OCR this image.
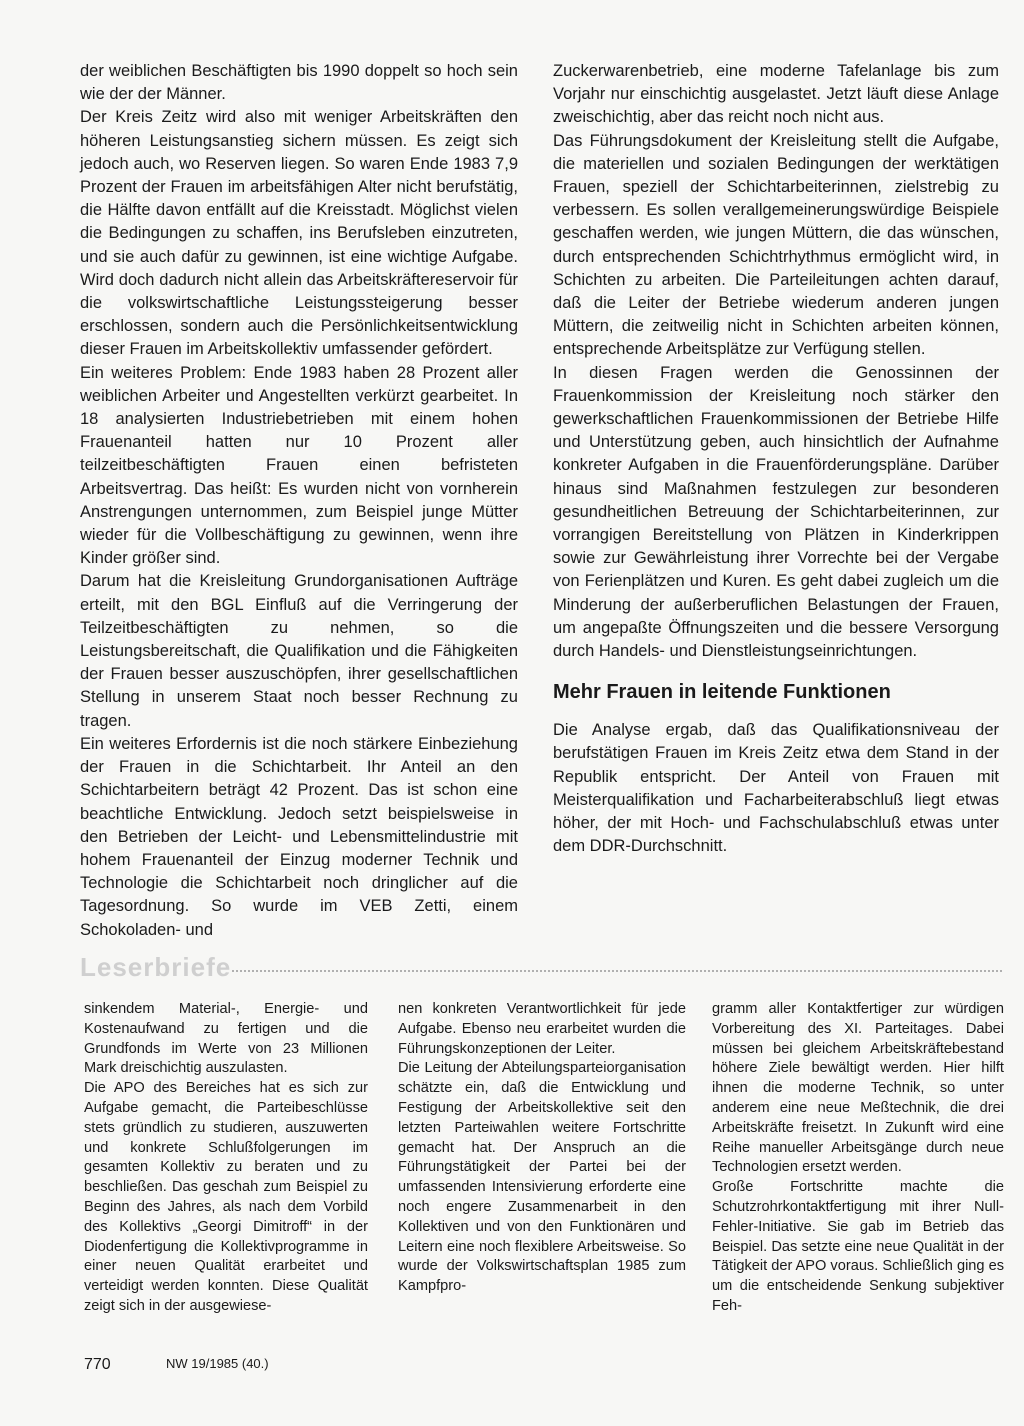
der weiblichen Beschäftigten bis 1990 doppelt so hoch sein wie der der Männer.

Der Kreis Zeitz wird also mit weniger Arbeitskräften den höheren Leistungsanstieg sichern müssen. Es zeigt sich jedoch auch, wo Reserven liegen. So waren Ende 1983 7,9 Prozent der Frauen im arbeitsfähigen Alter nicht berufstätig, die Hälfte davon entfällt auf die Kreisstadt. Möglichst vielen die Bedingungen zu schaffen, ins Berufsleben einzutreten, und sie auch dafür zu gewinnen, ist eine wichtige Aufgabe. Wird doch dadurch nicht allein das Arbeitskräftereservoir für die volkswirtschaftliche Leistungssteigerung besser erschlossen, sondern auch die Persönlichkeitsentwicklung dieser Frauen im Arbeitskollektiv umfassender gefördert.

Ein weiteres Problem: Ende 1983 haben 28 Prozent aller weiblichen Arbeiter und Angestellten verkürzt gearbeitet. In 18 analysierten Industriebetrieben mit einem hohen Frauenanteil hatten nur 10 Prozent aller teilzeitbeschäftigten Frauen einen befristeten Arbeitsvertrag. Das heißt: Es wurden nicht von vornherein Anstrengungen unternommen, zum Beispiel junge Mütter wieder für die Vollbeschäftigung zu gewinnen, wenn ihre Kinder größer sind.

Darum hat die Kreisleitung Grundorganisationen Aufträge erteilt, mit den BGL Einfluß auf die Verringerung der Teilzeitbeschäftigten zu nehmen, so die Leistungsbereitschaft, die Qualifikation und die Fähigkeiten der Frauen besser auszuschöpfen, ihrer gesellschaftlichen Stellung in unserem Staat noch besser Rechnung zu tragen.

Ein weiteres Erfordernis ist die noch stärkere Einbeziehung der Frauen in die Schichtarbeit. Ihr Anteil an den Schichtarbeitern beträgt 42 Prozent. Das ist schon eine beachtliche Entwicklung. Jedoch setzt beispielsweise in den Betrieben der Leicht- und Lebensmittelindustrie mit hohem Frauenanteil der Einzug moderner Technik und Technologie die Schichtarbeit noch dringlicher auf die Tagesordnung. So wurde im VEB Zetti, einem Schokoladen- und

Zuckerwarenbetrieb, eine moderne Tafelanlage bis zum Vorjahr nur einschichtig ausgelastet. Jetzt läuft diese Anlage zweischichtig, aber das reicht noch nicht aus.

Das Führungsdokument der Kreisleitung stellt die Aufgabe, die materiellen und sozialen Bedingungen der werktätigen Frauen, speziell der Schichtarbeiterinnen, zielstrebig zu verbessern. Es sollen verallgemeinerungswürdige Beispiele geschaffen werden, wie jungen Müttern, die das wünschen, durch entsprechenden Schichtrhythmus ermöglicht wird, in Schichten zu arbeiten. Die Parteileitungen achten darauf, daß die Leiter der Betriebe wiederum anderen jungen Müttern, die zeitweilig nicht in Schichten arbeiten können, entsprechende Arbeitsplätze zur Verfügung stellen.

In diesen Fragen werden die Genossinnen der Frauenkommission der Kreisleitung noch stärker den gewerkschaftlichen Frauenkommissionen der Betriebe Hilfe und Unterstützung geben, auch hinsichtlich der Aufnahme konkreter Aufgaben in die Frauenförderungspläne. Darüber hinaus sind Maßnahmen festzulegen zur besonderen gesundheitlichen Betreuung der Schichtarbeiterinnen, zur vorrangigen Bereitstellung von Plätzen in Kinderkrippen sowie zur Gewährleistung ihrer Vorrechte bei der Vergabe von Ferienplätzen und Kuren. Es geht dabei zugleich um die Minderung der außerberuflichen Belastungen der Frauen, um angepaßte Öffnungszeiten und die bessere Versorgung durch Handels- und Dienstleistungseinrichtungen.

Mehr Frauen in leitende Funktionen

Die Analyse ergab, daß das Qualifikationsniveau der berufstätigen Frauen im Kreis Zeitz etwa dem Stand in der Republik entspricht. Der Anteil von Frauen mit Meisterqualifikation und Facharbeiterabschluß liegt etwas höher, der mit Hoch- und Fachschulabschluß etwas unter dem DDR-Durchschnitt.

Leserbriefe

sinkendem Material-, Energie- und Kostenaufwand zu fertigen und die Grundfonds im Werte von 23 Millionen Mark dreischichtig auszulasten.

Die APO des Bereiches hat es sich zur Aufgabe gemacht, die Parteibeschlüsse stets gründlich zu studieren, auszuwerten und konkrete Schlußfolgerungen im gesamten Kollektiv zu beraten und zu beschließen. Das geschah zum Beispiel zu Beginn des Jahres, als nach dem Vorbild des Kollektivs „Georgi Dimitroff“ in der Diodenfertigung die Kollektivprogramme in einer neuen Qualität erarbeitet und verteidigt werden konnten. Diese Qualität zeigt sich in der ausgewiese-

nen konkreten Verantwortlichkeit für jede Aufgabe. Ebenso neu erarbeitet wurden die Führungskonzeptionen der Leiter.

Die Leitung der Abteilungsparteiorganisation schätzte ein, daß die Entwicklung und Festigung der Arbeitskollektive seit den letzten Parteiwahlen weitere Fortschritte gemacht hat. Der Anspruch an die Führungstätigkeit der Partei bei der umfassenden Intensivierung erforderte eine noch engere Zusammenarbeit in den Kollektiven und von den Funktionären und Leitern eine noch flexiblere Arbeitsweise. So wurde der Volkswirtschaftsplan 1985 zum Kampfpro-

gramm aller Kontaktfertiger zur würdigen Vorbereitung des XI. Parteitages. Dabei müssen bei gleichem Arbeitskräftebestand höhere Ziele bewältigt werden. Hier hilft ihnen die moderne Technik, so unter anderem eine neue Meßtechnik, die drei Arbeitskräfte freisetzt. In Zukunft wird eine Reihe manueller Arbeitsgänge durch neue Technologien ersetzt werden.

Große Fortschritte machte die Schutzrohrkontaktfertigung mit ihrer Null-Fehler-Initiative. Sie gab im Betrieb das Beispiel. Das setzte eine neue Qualität in der Tätigkeit der APO voraus. Schließlich ging es um die entscheidende Senkung subjektiver Feh-

770	NW 19/1985 (40.)
